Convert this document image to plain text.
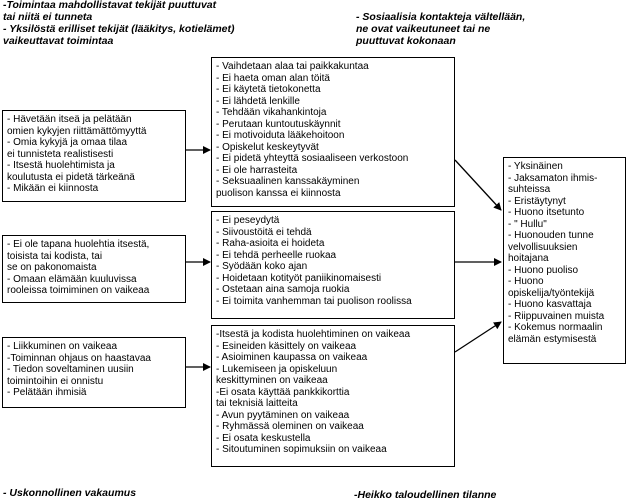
-Toimintaa mahdollistavat tekijät puuttuvat
tai niitä ei tunneta
- Yksilöstä erilliset tekijät (lääkitys, kotielämet)
vaikeuttavat toimintaa
- Sosiaalisia kontakteja vältellään,
ne ovat vaikeutuneet tai ne
puuttuvat kokonaan
- Uskonnollinen vakaumus	-Heikko taloudellinen tilanne
- Hävetään itseä ja pelätään
omien kykyjen riittämättömyyttä
- Omia kykyjä ja omaa tilaa
ei tunnisteta realistisesti
- Itsestä huolehtimista ja
koulutusta ei pidetä tärkeänä
- Mikään ei kiinnosta
- Ei ole tapana huolehtia itsestä,
toisista tai kodista, tai
se on pakonomaista
- Omaan elämään kuuluvissa
rooleissa toimiminen on vaikeaa
- Liikkuminen on vaikeaa
-Toiminnan ohjaus on haastavaa
- Tiedon soveltaminen uusiin
toimintoihin ei onnistu
- Pelätään ihmisiä
- Vaihdetaan alaa tai paikkakuntaa
- Ei haeta oman alan töitä
- Ei käytetä tietokonetta
- Ei lähdetä lenkille
- Tehdään vikahankintoja
- Perutaan kuntoutuskäynnit
- Ei motivoiduta lääkehoitoon
- Opiskelut keskeytyvät
- Ei pidetä yhteyttä sosiaaliseen verkostoon
- Ei ole harrasteita
- Seksuaalinen kanssakäyminen
puolison kanssa ei kiinnosta
- Ei peseydytä
- Siivoustöitä ei tehdä
- Raha-asioita ei hoideta
- Ei tehdä perheelle ruokaa
- Syödään koko ajan
- Hoidetaan kotityöt paniikinomaisesti
- Ostetaan aina samoja ruokia
- Ei toimita vanhemman tai puolison roolissa
-Itsestä ja kodista huolehtiminen on vaikeaa
- Esineiden käsittely on vaikeaa
- Asioiminen kaupassa on vaikeaa
- Lukemiseen ja opiskeluun
keskittyminen on vaikeaa
-Ei osata käyttää pankkikorttia
tai teknisiä laitteita
- Avun pyytäminen on vaikeaa
- Ryhmässä oleminen on vaikeaa
- Ei osata keskustella
- Sitoutuminen sopimuksiin on vaikeaa
- Yksinäinen
- Jaksamaton ihmis-
suhteissa
- Eristäytynyt
- Huono itsetunto
- " Hullu"
- Huonouden tunne
velvollisuuksien
hoitajana
- Huono puoliso
- Huono
opiskelija/työntekijä
- Huono kasvattaja
- Riippuvainen muista
- Kokemus normaalin
elämän estymisestä
